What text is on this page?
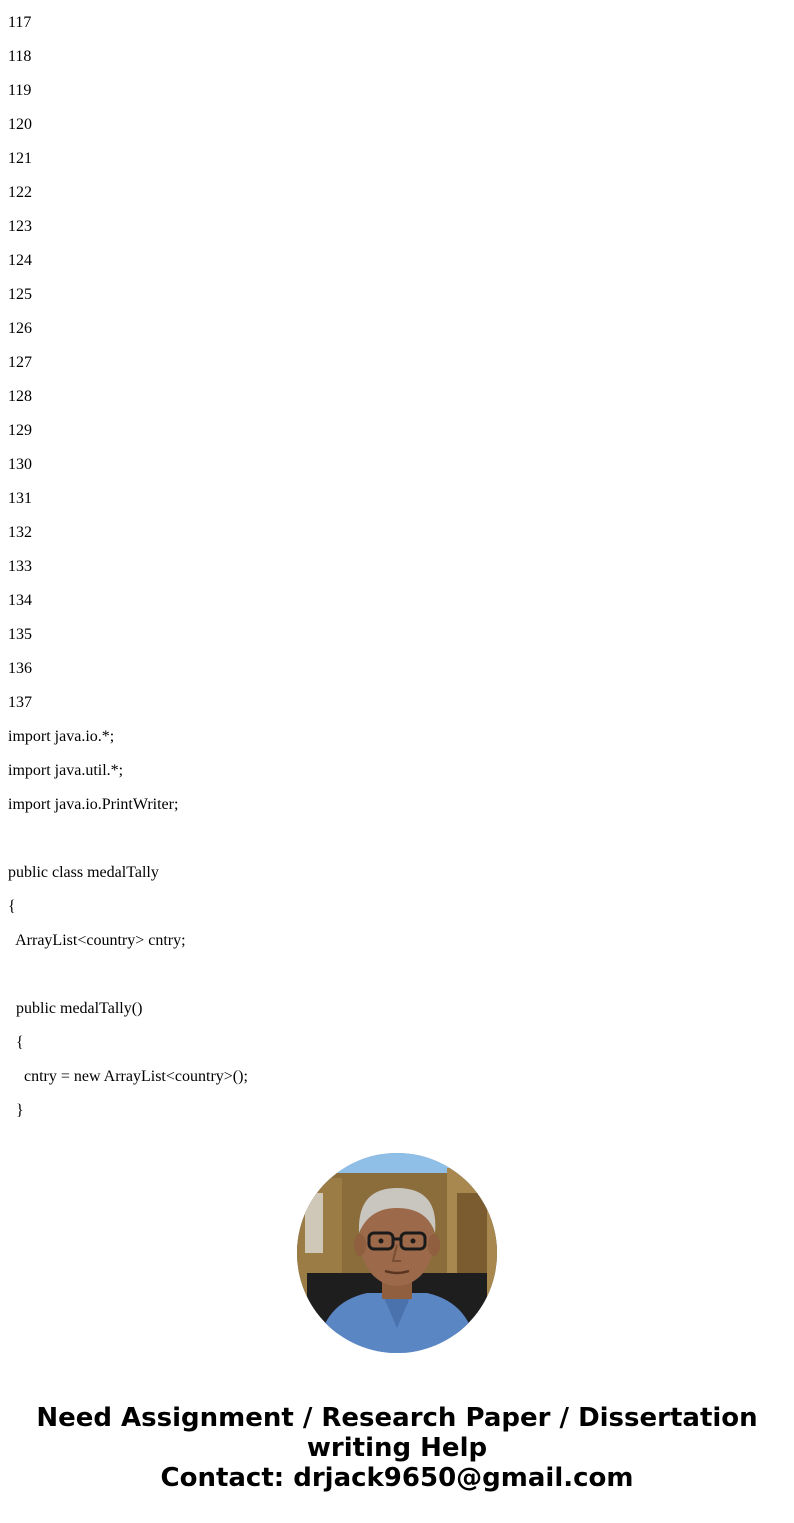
117
118
119
120
121
122
123
124
125
126
127
128
129
130
131
132
133
134
135
136
137
import java.io.*;
import java.util.*;
import java.io.PrintWriter;
public class medalTally
{
ArrayList<country> cntry;
public medalTally()
{
cntry = new ArrayList<country>();
}
Need Assignment / Research Paper / Dissertation
writing Help
Contact: drjack9650@gmail.com
